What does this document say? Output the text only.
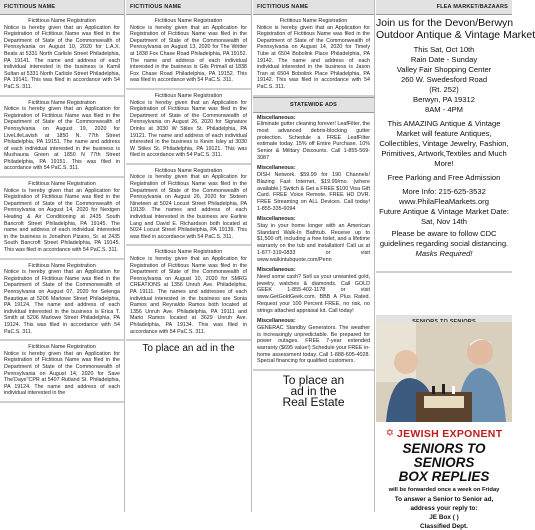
FICTITIOUS NAME
Fictitious Name Registration
Notice is hereby given that an Application for Registration of Fictitious Name was filed in the Department of State of the Commonwealth of Pennsylvania on August 10, 2020 for L.A.X. Beats at 5331 North Carlisle Street Philadelphia, PA 19141. The name and address of each individual interested in the business is Kamil Sultan at 5331 North Carlisle Street Philadelphia, PA 19141. This was filed in accordance with 54 PaC.S. 311.
Fictitious Name Registration
Notice is hereby given that an Application for Registration of Fictitious Name was filed in the Department of State of the Commonwealth of Pennsylvania on August 19, 2020 for LiveLifeLavish at 1850 N. 77th Street Philadelphia, PA 19151. The name and address of each individual interested in the business is Mushauna Green at 1850 N 77th Street Philadelphia, PA 19151. This was filed in accordance with 54 PaC.S. 311.
Fictitious Name Registration
Notice is hereby given that an Application for Registration of Fictitious Name was filed in the Department of State of the Commonwealth of Pennsylvania on August 14, 2020 for Nextgen Heating & Air Conditioning at 2435 South Bancroft Street Philadelphia, PA 19145. The name and address of each individual interested in the business is Jonathon Pizano, Sr. at 2435 South Bancroft Street Philadelphia, PA 19145. This was filed in accordance with 54 PaC.S. 311.
Fictitious Name Registration
Notice is hereby given that an Application for Registration of Fictitious Name was filed in the Department of State of the Commonwealth of Pennsylvania on August 07, 2020 for Selenga Beautique at 5206 Marlowe Street Philadelphia, PA 19124. The name and address of each individual interested in the business is Erica T. Smith at 5206 Marlowe Street Philadelphia, PA 19124. This was filed in accordance with 54 PaC.S. 311.
Fictitious Name Registration
Notice is hereby given that an Application for Registration of Fictitious Name was filed in the Department of State of the Commonwealth of Pennsylvania on August 14, 2020 for Save The'Daye''CPR at 5407 Rutland St. Philadelphia, PA 19124. The name and address of each individual interested in the
FICTITIOUS NAME
Fictitious Name Registration
Notice is hereby given that an Application for Registration of Fictitious Name was filed in the Department of State of the Commonwealth of Pennsylvania on August 13, 2020 for The Writter at 1838 Fox Chase Road Philadelphia, PA 19152. The name and address of each individual interested in the business is Gils Primall at 1838 Fox Chase Road Philadelphia, PA 19152. This was filed in accordance with 54 PaC.S. 311.
Fictitious Name Registration
Notice is hereby given that an Application for Registration of Fictitious Name was filed in the Department of State of the Commonwealth of Pennsylvania on August 26, 2020 for Signature Drinks at 3030 W Stiles St. Philadelphia, PA 19121. The name and address of each individual interested in the business is Kevin Isley at 3030 W Stiles St. Philadelphia, PA 19121. This was filed in accordance with 54 PaC.S. 311.
Fictitious Name Registration
Notice is hereby given that an Application for Registration of Fictitious Name was filed in the Department of State of the Commonwealth of Pennsylvania on August 26, 2020 for Sixteen Nineteen at 5024 Locust Street Philadelphia, PA 19139. The names and address of each individual interested in the business are Earline Lang and David E. Richardson both located at 5024 Locust Street Philadelphia, PA 19139. This was filed in accordance with 54 PaC.S. 311.
Fictitious Name Registration
Notice is hereby given that an Application for Registration of Fictitious Name was filed in the Department of State of the Commonwealth of Pennsylvania on August 10, 2020 for SMRG CREATIONS at 1356 Unruh Ave. Philadelphia, PA 19111. The names and addresses of each individual interested in the business are Sonia Ramos and Reynaldo Ramos both located at 1356 Unruh Ave. Philadelphia, PA 19111 and Mario Ramos located at 3629 Unruh Ave. Philadelphia, PA 19134. This was filed in accordance with 54 PaC.S. 311.
To place an ad in the
FICTITIOUS NAME
Fictitious Name Registration
Notice is hereby given that an Application for Registration of Fictitious Name was filed in the Department of State of the Commonwealth of Pennsylvania on August 14, 2020 for Timely Tube at 6504 Bobolink Place Philadelphia, PA 19142. The name and address of each individual interested in the business is Jason Tran at 6504 Bobolink Place Philadelphia, PA 19142. This was filed in accordance with 54 PaC.S. 311.
STATEWIDE ADS
Miscellaneous:
Eliminate gutter cleaning forever! LeafFilter, the most advanced debris-blocking gutter protection. Schedule a FREE LeafFilter estimate today. 15% off Entire Purchase. 10% Senior & Military Discounts. Call 1-855-569-3087
Miscellaneous:
DISH Network. $59.99 for 190 Channels! Blazing Fast Internet, $19.99/mo. (where available.) Switch & Get a FREE $100 Visa Gift Card. FREE Voice Remote. FREE HD DVR. FREE Streaming on ALL Devices. Call today! 1-855-335-6094
Miscellaneous:
Stay in your home longer with an American Standard Walk-In Bathtub. Receive up to $1,500 off, including a free toilet, and a lifetime warranty on the tub and installation! Call us at 1-877-319-0833 or visit www.walkintubquote.com/Penn
Miscellaneous:
Need some cash? Sell us your unwanted gold, jewelry, watches & diamonds. Call GOLD GEEK 1-855-402-1178 or visit www.GetGoldGeek.com. BBB A Plus Rated. Request your 100 Percent FREE, no risk, no strings attached appraisal kit. Call today!
Miscellaneous:
GENERAC Standby Generators. The weather is increasingly unpredictable. Be prepared for power outages. FREE 7-year extended warranty ($695 value!) Schedule your FREE in-home assessment today. Call 1-888-605-4028. Special financing for qualified customers.
To place an
ad in the
Real Estate
FLEA MARKET/BAZAARS
Join us for the Devon/Berwyn
Outdoor Antique & Vintage Market
This Sat, Oct 10th
Rain Date - Sunday
Valley Fair Shopping Center
260 W. Swedesford Road
(Rt. 252)
Berwyn, PA 19312
8AM - 4PM
This AMAZING Antique & Vintage Market will feature Antiques, Collectibles, Vintage Jewelry, Fashion, Primitives, Artwork,Textiles and Much More!
Free Parking and Free Admission
More Info: 215-625-3532
www.PhilaFleaMarkets.org
Future Antique & Vintage Market Date: Sat, Nov 14th
Please be aware to follow CDC guidelines regarding social distancing.
Masks Required!
✡ JEWISH EXPONENT
SENIORS TO SENIORS
BOX REPLIES
will be forwarded once a week on Friday
To answer a Senior to Senior ad,
address your reply to:
JE Box ( )
Classified Dept.
